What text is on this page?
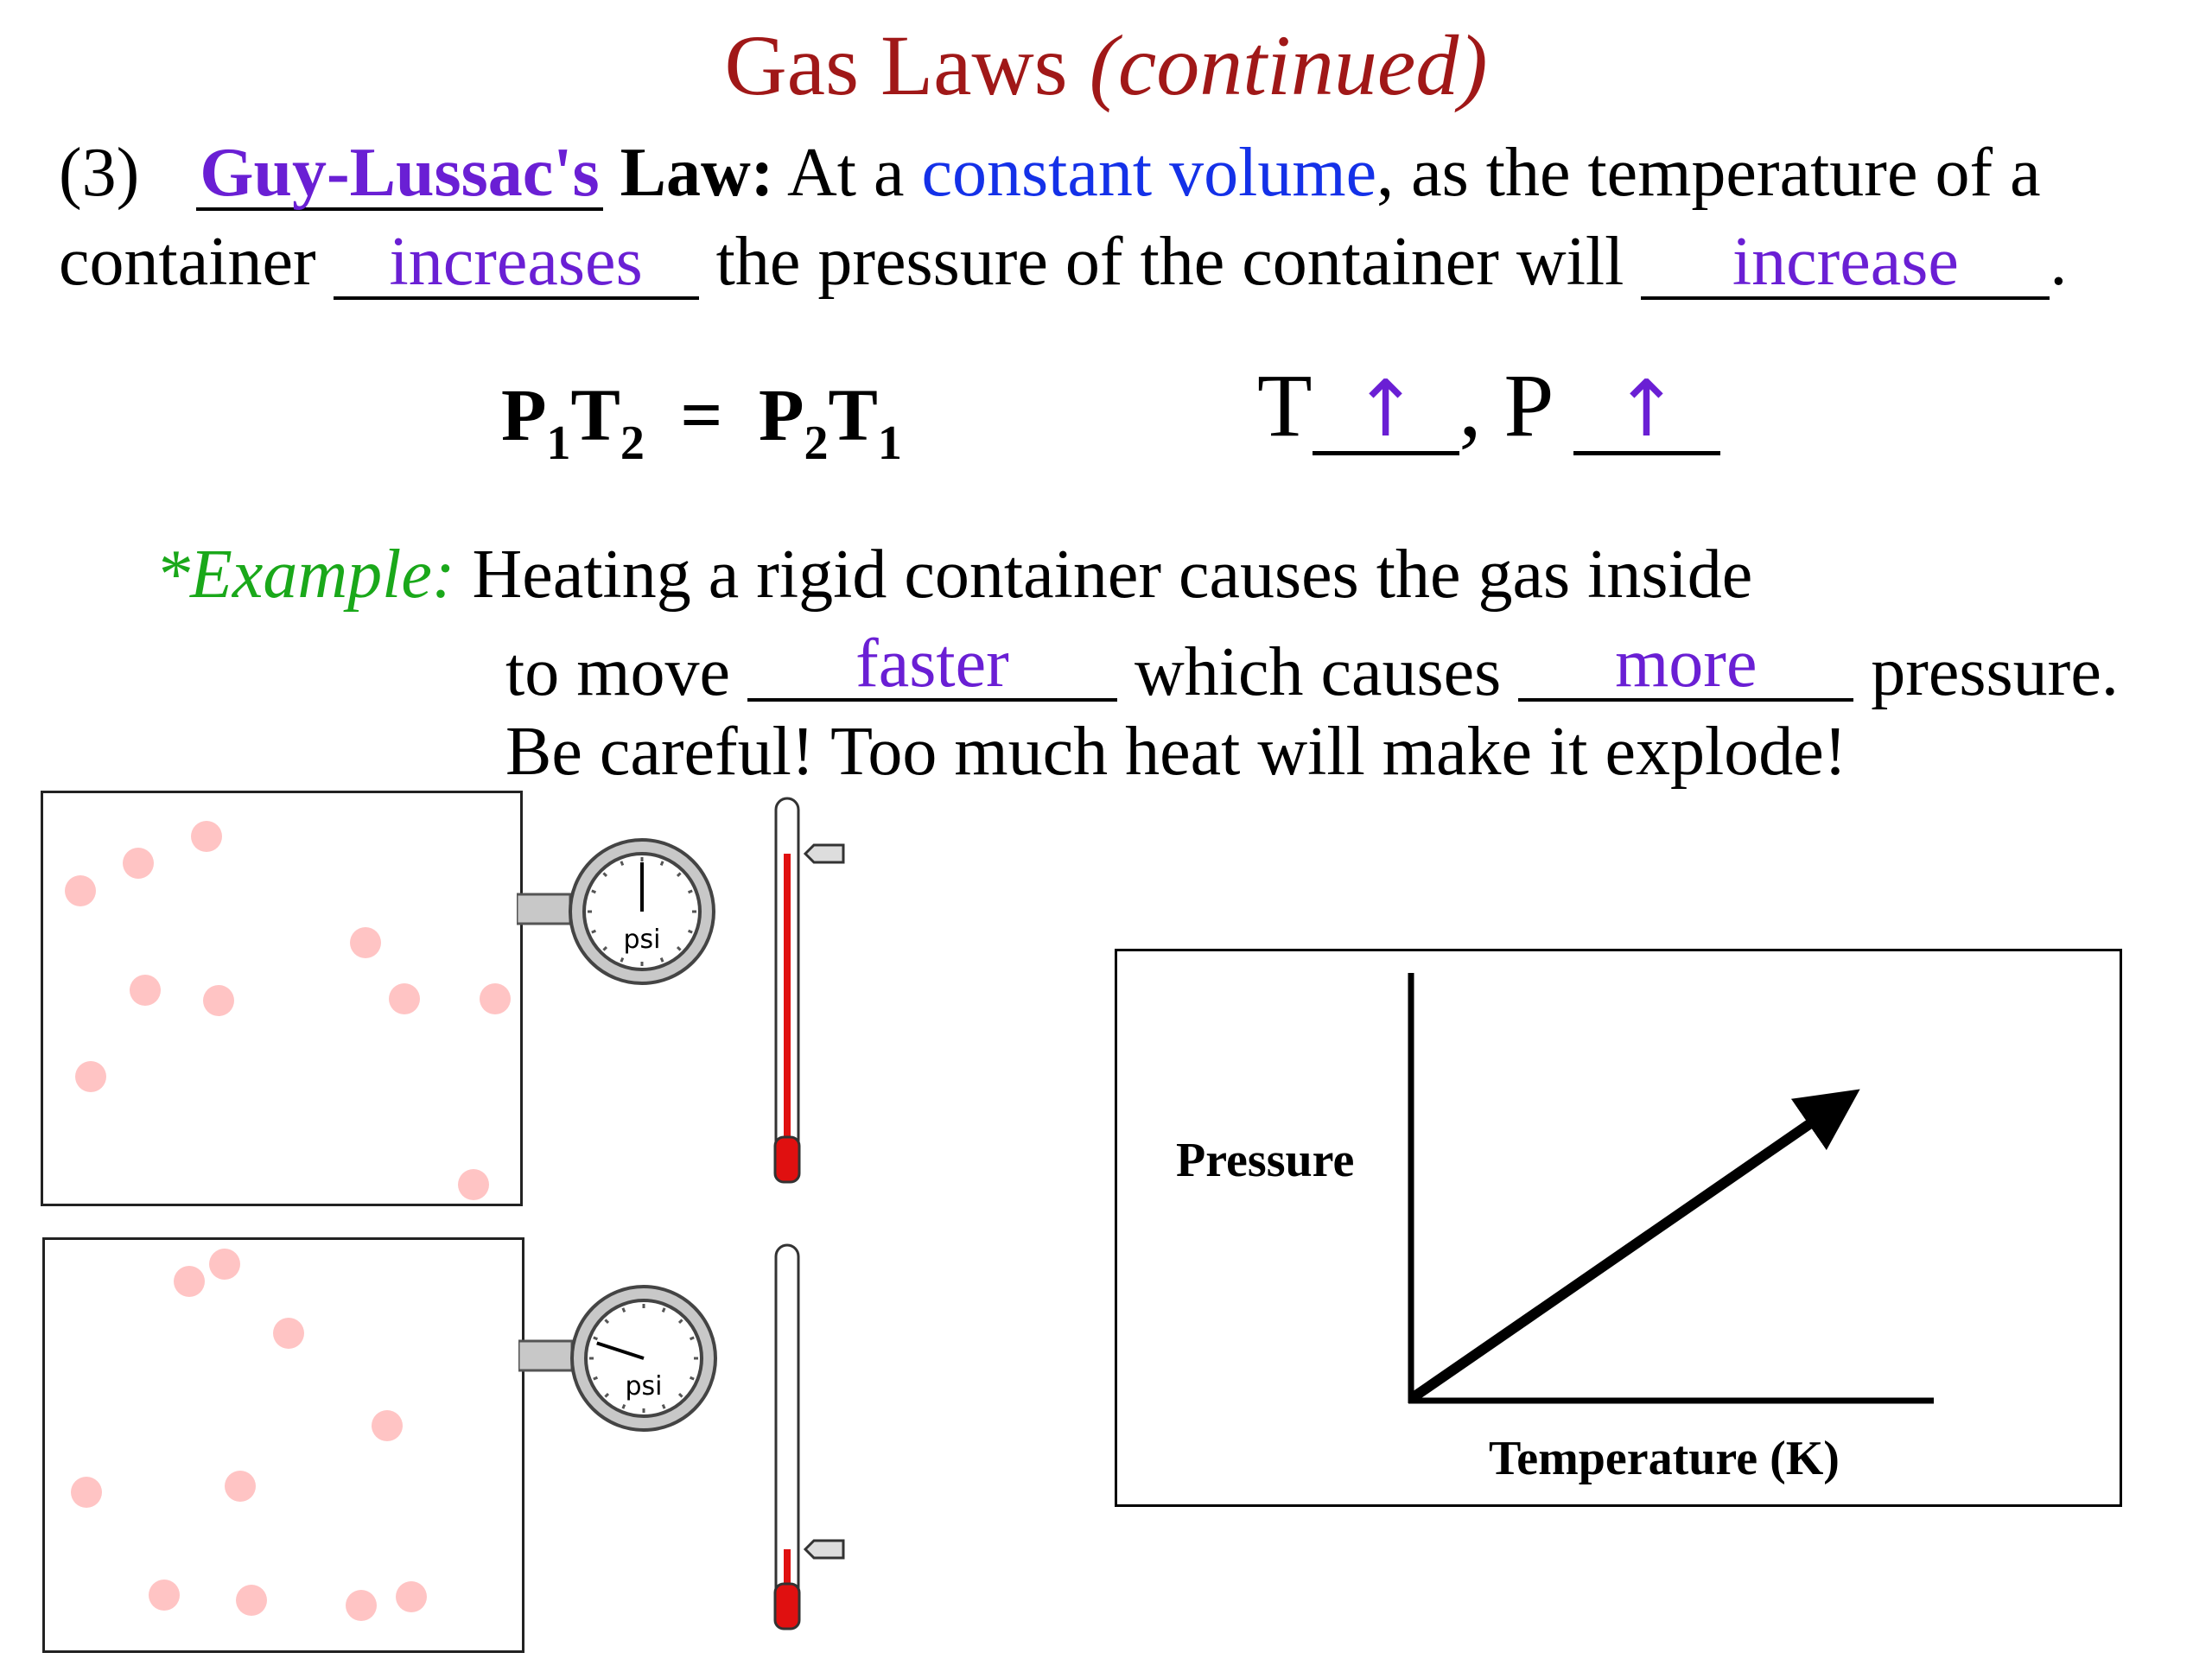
Gas Laws (continued)
(3) Guy-Lussac's Law: At a constant volume, as the temperature of a
container increases the pressure of the container will increase .
$P_1T_2 = P_2T_1$	T ↑ , P ↑
*Example: Heating a rigid container causes the gas inside
to move faster which causes more pressure.
Be careful! Too much heat will make it explode!
psi
psi
Pressure
Temperature (K)
